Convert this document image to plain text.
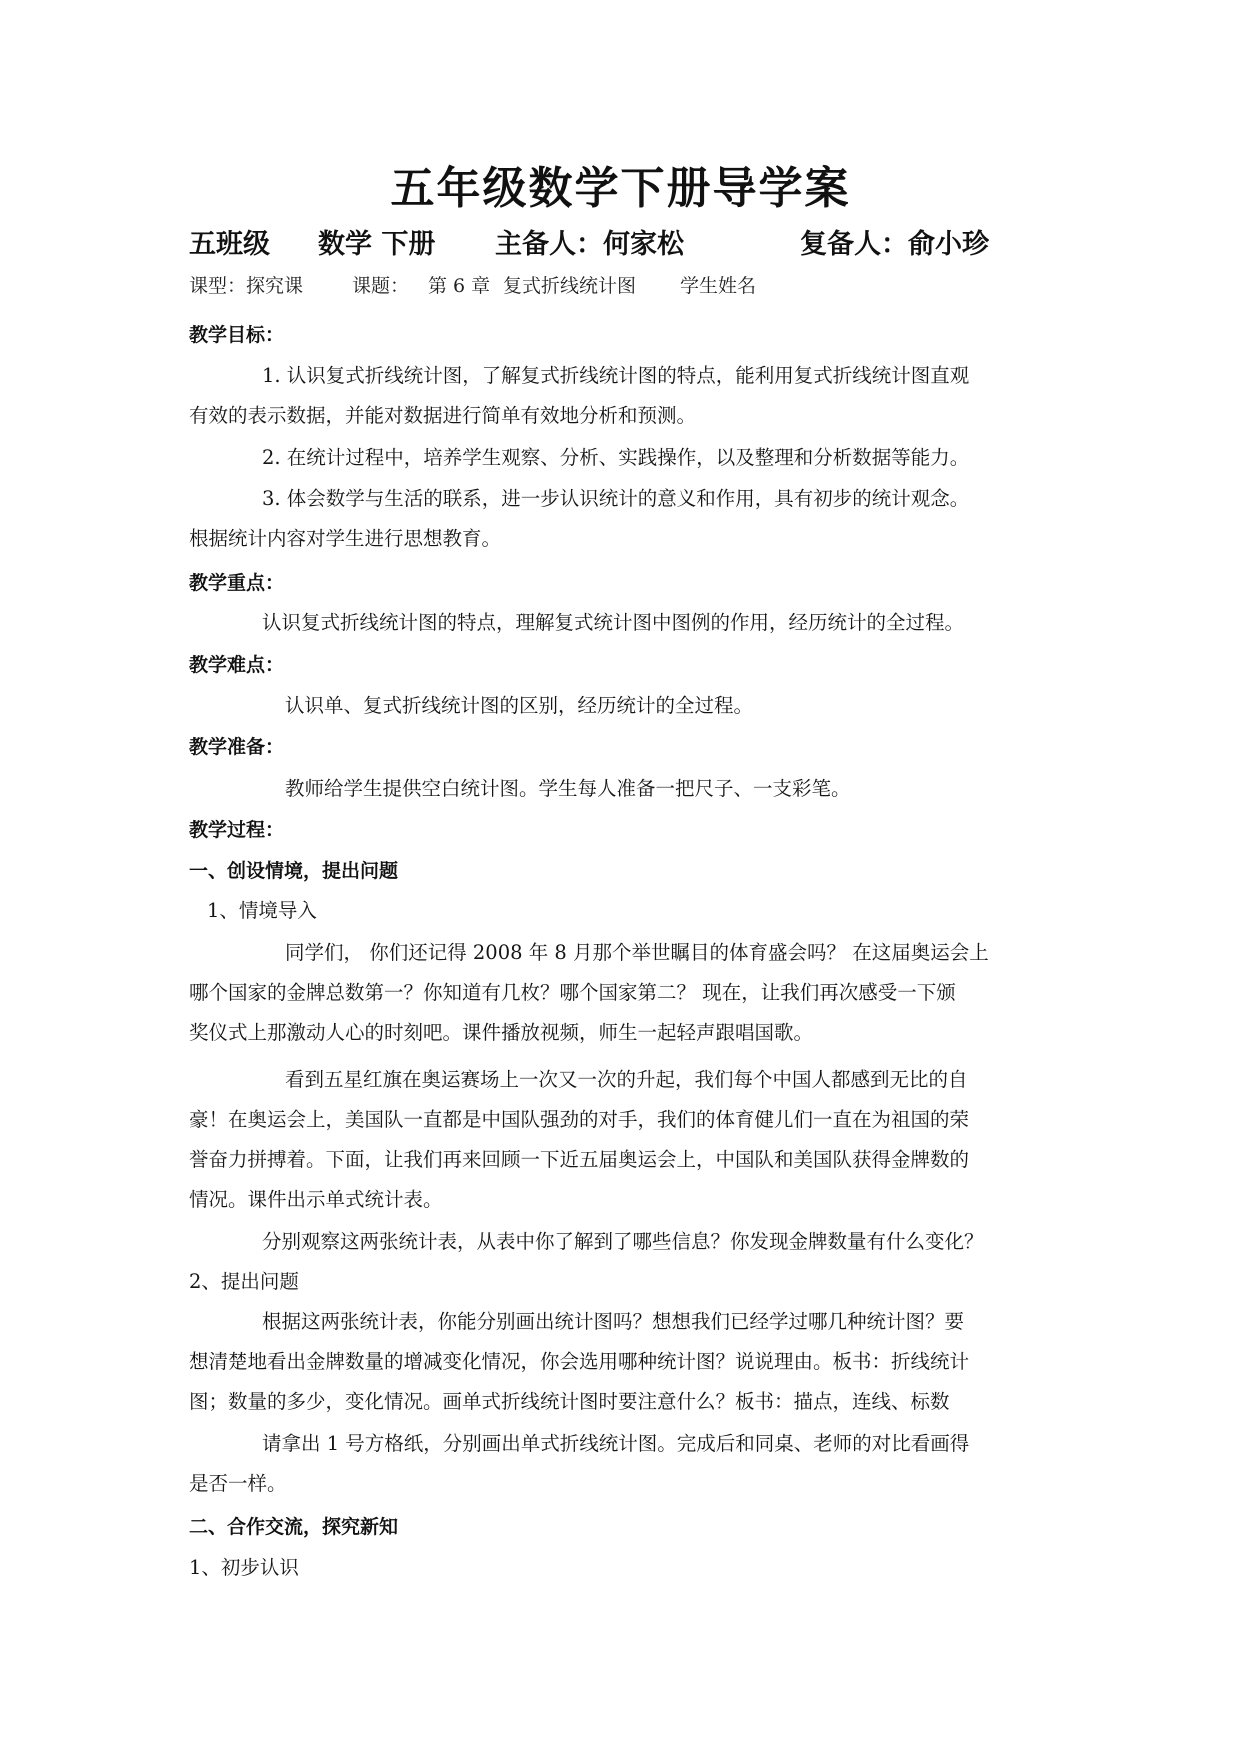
五年级数学下册导学案
五班级 数学 下册 主备人：何家松	复备人：俞小珍
课型：探究课	课题： 第 6 章 复式折线统计图 学生姓名
教学目标：
1. 认识复式折线统计图，了解复式折线统计图的特点，能利用复式折线统计图直观
有效的表示数据，并能对数据进行简单有效地分析和预测。
2. 在统计过程中，培养学生观察、分析、实践操作，以及整理和分析数据等能力。
3. 体会数学与生活的联系，进一步认识统计的意义和作用，具有初步的统计观念。
根据统计内容对学生进行思想教育。
教学重点：
认识复式折线统计图的特点，理解复式统计图中图例的作用，经历统计的全过程。
教学难点：
认识单、复式折线统计图的区别，经历统计的全过程。
教学准备：
教师给学生提供空白统计图。学生每人准备一把尺子、一支彩笔。
教学过程：
一、创设情境，提出问题
1、情境导入
同学们， 你们还记得 2008 年 8 月那个举世瞩目的体育盛会吗？ 在这届奥运会上
哪个国家的金牌总数第一？你知道有几枚？哪个国家第二？ 现在，让我们再次感受一下颁
奖仪式上那激动人心的时刻吧。课件播放视频，师生一起轻声跟唱国歌。
看到五星红旗在奥运赛场上一次又一次的升起，我们每个中国人都感到无比的自
豪！在奥运会上，美国队一直都是中国队强劲的对手，我们的体育健儿们一直在为祖国的荣
誉奋力拼搏着。下面，让我们再来回顾一下近五届奥运会上，中国队和美国队获得金牌数的
情况。课件出示单式统计表。
分别观察这两张统计表，从表中你了解到了哪些信息？你发现金牌数量有什么变化？
2、提出问题
根据这两张统计表，你能分别画出统计图吗？想想我们已经学过哪几种统计图？要
想清楚地看出金牌数量的增减变化情况，你会选用哪种统计图？说说理由。板书：折线统计
图；数量的多少，变化情况。画单式折线统计图时要注意什么？板书：描点，连线、标数
请拿出 1 号方格纸，分别画出单式折线统计图。完成后和同桌、老师的对比看画得
是否一样。
二、合作交流，探究新知
1、初步认识
